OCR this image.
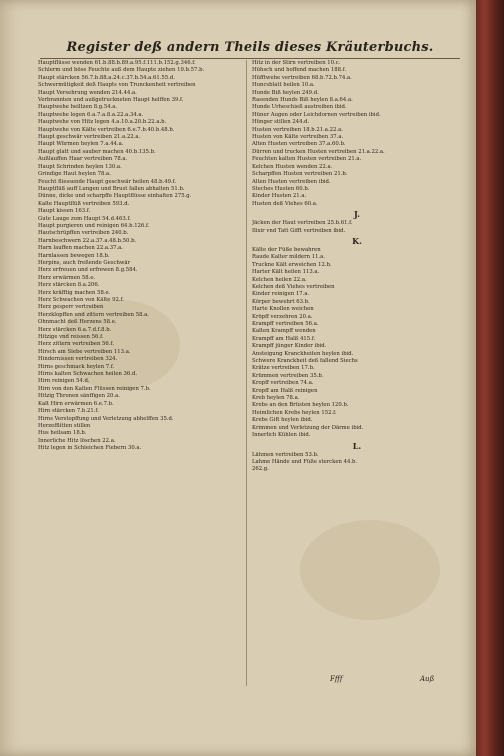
Register deß andern Theils dieses Kräuterbuchs.
Hauptflüsse wenden 61.b.88.b.89.a.95.f.111.b.152.g.346.f.
Schlerm und böse Feuchte auß dem Haupte ziehen 19.b.57.b.
Haupt stärcken 56.7.b.88.a.24.c.37.b.54.a.61.55.d.
Schwermütigkeit deß Haupts von Trunckenheit vertreiben
Haupt Versehrung wenden 214.44.a.
Verbrannten und außgetruckneten Haupt helffen 39.f.
Hauptwehe heiltzen 8.g.54.a.
Hauptwehe legen 6.a.7.a.8.a.22.a.34.a.
Hauptwehe von Hitz legen 4.a.10.a.20.b.22.a.b.
Hauptwehe von Kälte vertreiben 6.e.7.b.40.b.48.b.
Haupt geschwär vertreiben 21.a.22.a.
Haupt Würmen heylen 7.a.44.a.
Haupt glatt und sauber machen 40.b.135.b.
Außlauffen Haar vertreiben 78.a.
Haupt Schrinden heylen 130.a.
Grindige Haut heylen 78.a.
Feucht fliessende Haupt geschwär heilen 48.b.49.f.
Hauptflüß auff Lungen und Brust fallen abhalten 51.b.
Dünne, dicke und scharpffe Hauptflüsse einhalten 275.g.
Kalte Hauptflüß vertreiben 593.d.
Haupt kissen 163.f.
Gute Lauge zum Haupt 54.d.463.f.
Haupt purgieren und reinigen 64.b.126.f.
Hautschrüpffen vertreiben 240.b.
Harnbeschwern 22.a.37.a.48.b.50.b.
Harn lauffen machen 22.a.37.a.
Harnlassen bewegen 18.b.
Herpins, auch freßende Geschwär
Herz erfreuen und erfrewen 8.g.584.
Herz erwärmen 58.e.
Herz stärcken 8.a.206.
Herz kräfftig machen 58.e.
Herz Schwachen von Kälte 92.f.
Herz gesperr vertreiben
Herzklopffen und zittern vertreiben 58.a.
Ohnmacht deß Herzens 58.e.
Herz stärcken 6.a.7.d.f.8.b.
Hitzige vnd reissen 56.f.
Herz zittern vertreiben 56.f.
Hirsch am Siebe vertreiben 113.a.
Hindernissen vertreiben 324.
Hirns geschmack heylen 7.f.
Hirns kalten Schwachen heilen 36.d.
Hirn reinigen 54.d.
Hirn von den Kalten Flüssen reinigen 7.b.
Hitzig Thronen sänffigen 20.a.
Kalt Hirn erwärmen 6.e.7.b.
Hirn stärcken 7.b.21.f.
Hirns Verstopffung und Verletzung abhelffen 35.d.
Herzefflitten stillen
Hus heilsam 18.b.
Innerliche Hitz löschen 22.a.
Hitz legen in Schleichen Fiebern 30.a.
Hitz in der Stirn vertreiben 10.c.
Hühsch und hoffend machen 188.f.
Hüfftwehe vertreiben 68.b.72.b.74.a.
Huncsblatt heilen 10.a.
Hunde Biß heylen 249.d.
Rasenden Hunds Biß heylen 8.a.64.a.
Hunde Urheschieß austreiben ibid.
Hüner Augen oder Leichdornen vertreiben ibid.
Hünger stillen 244.d.
Husten vertreiben 18.b.21.a.22.a.
Husten von Kälte vertreiben 37.a.
Alten Husten vertreiben 37.a.60.b.
Dürren und trucken Husten vertreiben 21.a.22.a.
Feuchten kalten Husten vertreiben 21.a.
Kelchen Husten wenden 22.a.
Scharpffen Husten vertreiben 21.b.
Alten Husten vertreiben ibid.
Steches Husten 60.b.
Kinder Husten 21.a.
Husten deß Viehes 60.a.
J.
Jäcken der Haut vertreiben 25.b.61.f.
Ilixir vnd Tatt Gifft vertreiben ibid.
K.
Kälte der Füße bewahren
Raude Kalter mildern 11.a.
Truckne Kält erweichen 12.b.
Harter Kält heilen 113.a.
Kelchen heilen 22.a.
Kelchen deß Viehes vertreiben
Kinder reinigen 17.a.
Körper bewehrt 63.b.
Harte Knollen weichen
Kröpff verzehren 20.a.
Krampff vertreiben 56.a.
Kalten Krampff wenden
Krampff am Halß 415.f.
Krampff jünger Kinder ibid.
Ansteigung Kranckheiten heylen ibid.
Schwere Kranckheit deß fallend Siechs
Krätze vertreiben 17.b.
Krümmen vertreiben 35.b.
Kropff vertreiben 74.a.
Kropff am Halß reinigen
Kreb heylen 78.a.
Krebs an den Brüsten heylen 120.b.
Heimlichen Krebs heylen 152.f.
Krebs Gift heylen ibid.
Krimmen und Verletzung der Därme ibid.
Innerlich Kühlen ibid.
L.
Lähmen vertreiben 53.b.
Lahme Hände und Füße stercken 44.b.
262.g.
Ffff	Auß
